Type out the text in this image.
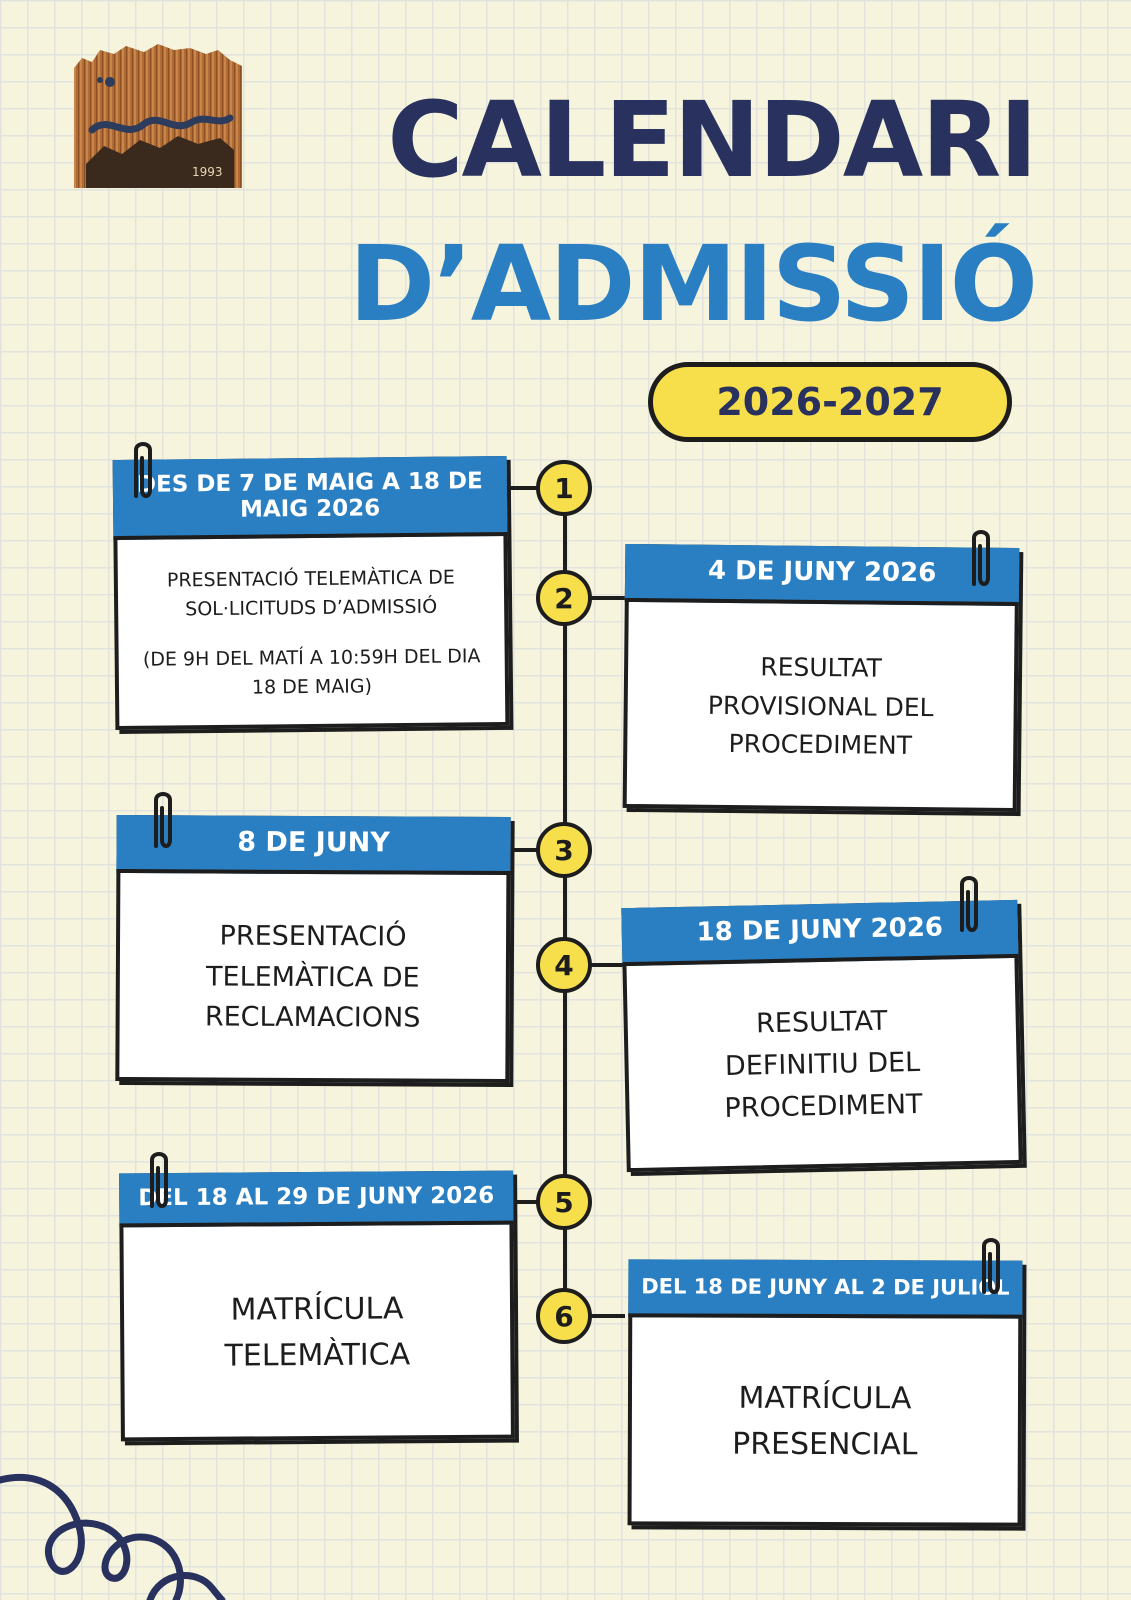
1993 CALENDARI
D’ADMISSIÓ
2026-2027
1
2
3
4
5
6
DES DE 7 DE MAIG A 18 DE MAIG 2026
PRESENTACIÓ TELEMÀTICA DE SOL·LICITUDS D’ADMISSIÓ
(DE 9H DEL MATÍ A 10:59H DEL DIA 18 DE MAIG)
4 DE JUNY 2026
RESULTAT PROVISIONAL DEL PROCEDIMENT
8 DE JUNY
PRESENTACIÓ TELEMÀTICA DE RECLAMACIONS
18 DE JUNY 2026
RESULTAT DEFINITIU DEL PROCEDIMENT
DEL 18 AL 29 DE JUNY 2026
MATRÍCULA TELEMÀTICA
DEL 18 DE JUNY AL 2 DE JULIOL
MATRÍCULA PRESENCIAL
